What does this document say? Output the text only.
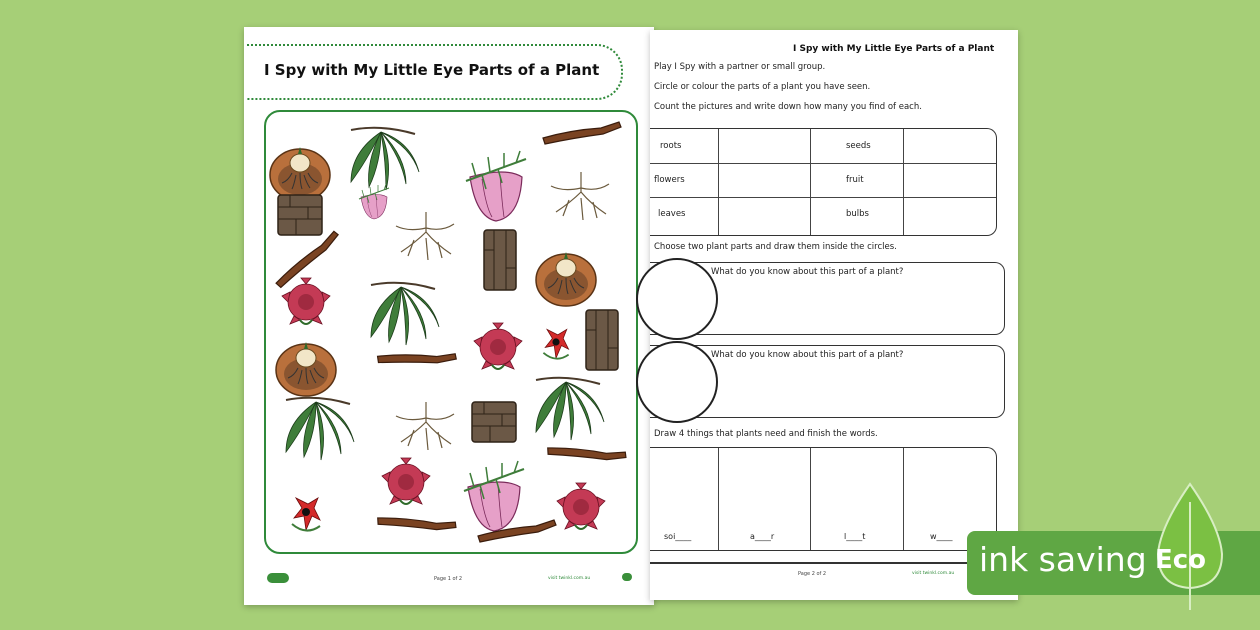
I Spy with My Little Eye Parts of a Plant
Page 1 of 2	visit twinkl.com.au
I Spy with My Little Eye Parts of a Plant
Play I Spy with a partner or small group.
Circle or colour the parts of a plant you have seen.
Count the pictures and write down how many you find of each.
roots	seeds
flowers	fruit
leaves	bulbs
Choose two plant parts and draw them inside the circles.
What do you know about this part of a plant?
What do you know about this part of a plant?
Draw 4 things that plants need and finish the words.
soi____	a____r	l____t	w____
Page 2 of 2	visit twinkl.com.au ink saving Eco
